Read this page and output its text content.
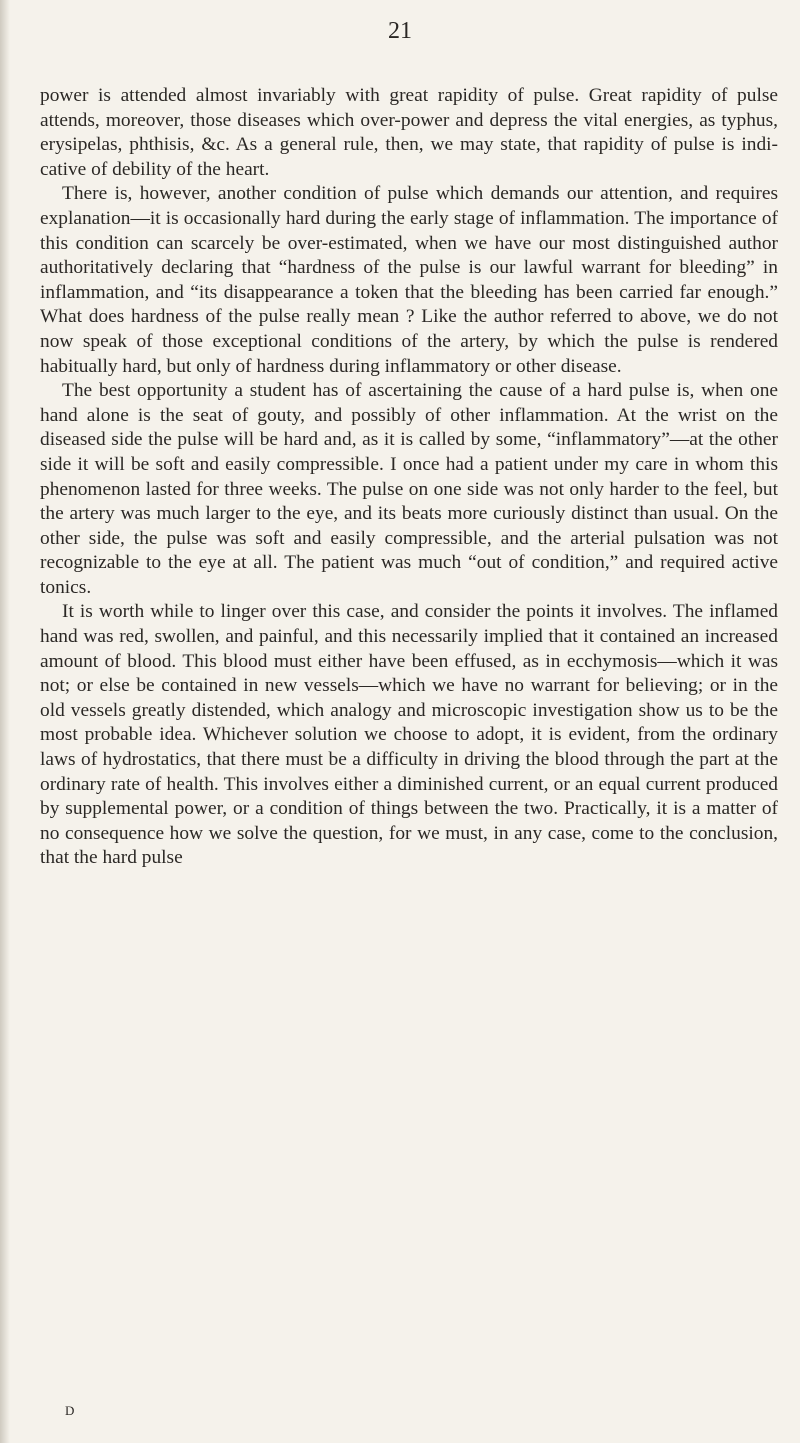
21

power is attended almost invariably with great rapidity of pulse. Great rapidity of pulse attends, moreover, those diseases which over-power and depress the vital energies, as typhus, erysipelas, phthisis, &c. As a general rule, then, we may state, that rapidity of pulse is indi-cative of debility of the heart.

There is, however, another condition of pulse which demands our attention, and requires explanation—it is occasionally hard during the early stage of inflammation. The importance of this condition can scarcely be over-estimated, when we have our most distinguished author authoritatively declaring that “hardness of the pulse is our lawful warrant for bleeding” in inflammation, and “its disappearance a token that the bleeding has been carried far enough.” What does hardness of the pulse really mean ? Like the author referred to above, we do not now speak of those exceptional conditions of the artery, by which the pulse is rendered habitually hard, but only of hardness during inflammatory or other disease.

The best opportunity a student has of ascertaining the cause of a hard pulse is, when one hand alone is the seat of gouty, and possibly of other inflammation. At the wrist on the diseased side the pulse will be hard and, as it is called by some, “inflammatory”—at the other side it will be soft and easily compressible. I once had a patient under my care in whom this phenomenon lasted for three weeks. The pulse on one side was not only harder to the feel, but the artery was much larger to the eye, and its beats more curiously distinct than usual. On the other side, the pulse was soft and easily compressible, and the arterial pulsation was not recognizable to the eye at all. The patient was much “out of condition,” and required active tonics.

It is worth while to linger over this case, and consider the points it involves. The inflamed hand was red, swollen, and painful, and this necessarily implied that it contained an increased amount of blood. This blood must either have been effused, as in ecchymosis—which it was not; or else be contained in new vessels—which we have no warrant for believing; or in the old vessels greatly distended, which analogy and microscopic investigation show us to be the most probable idea. Whichever solution we choose to adopt, it is evident, from the ordinary laws of hydrostatics, that there must be a difficulty in driving the blood through the part at the ordinary rate of health. This involves either a diminished current, or an equal current produced by supplemental power, or a condition of things between the two. Practically, it is a matter of no consequence how we solve the question, for we must, in any case, come to the conclusion, that the hard pulse

D
